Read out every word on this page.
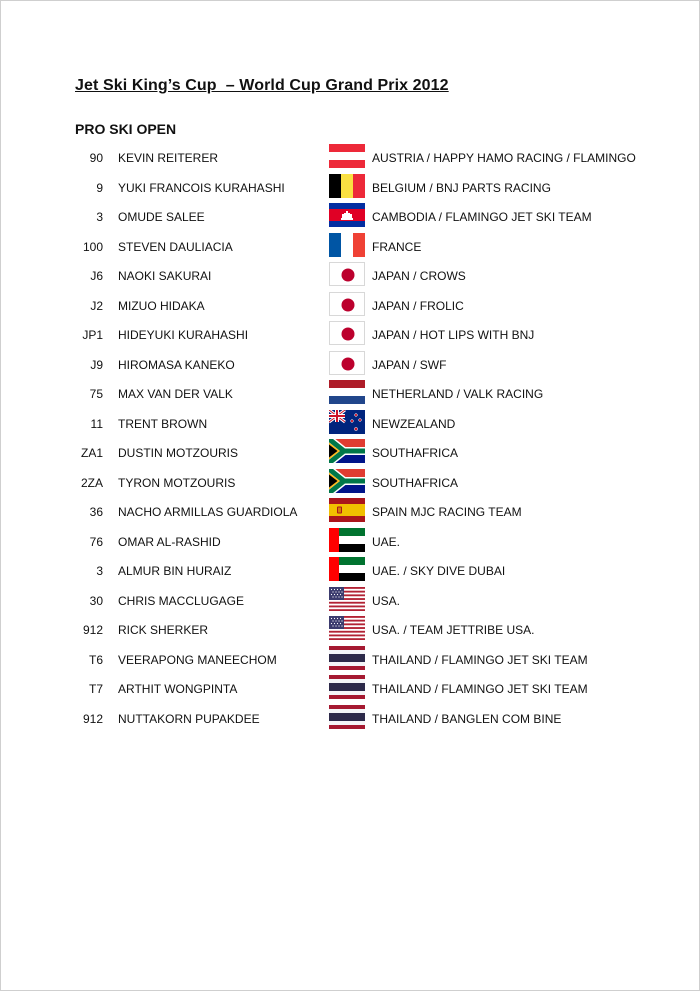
Jet Ski King’s Cup  – World Cup Grand Prix 2012
PRO SKI OPEN
90 KEVIN REITERER	AUSTRIA / HAPPY HAMO RACING / FLAMINGO
9 YUKI FRANCOIS KURAHASHI	BELGIUM / BNJ PARTS RACING
3 OMUDE SALEE	CAMBODIA / FLAMINGO JET SKI TEAM
100 STEVEN DAULIACIA	FRANCE
J6 NAOKI SAKURAI	JAPAN / CROWS
J2 MIZUO HIDAKA	JAPAN / FROLIC
JP1 HIDEYUKI KURAHASHI	JAPAN / HOT LIPS WITH BNJ
J9 HIROMASA KANEKO	JAPAN / SWF
75 MAX VAN DER VALK	NETHERLAND / VALK RACING
11 TRENT BROWN	NEWZEALAND
ZA1 DUSTIN MOTZOURIS	SOUTHAFRICA
2ZA TYRON MOTZOURIS	SOUTHAFRICA
36 NACHO ARMILLAS GUARDIOLA	SPAIN MJC RACING TEAM
76 OMAR AL-RASHID	UAE.
3 ALMUR BIN HURAIZ	UAE. / SKY DIVE DUBAI
30 CHRIS MACCLUGAGE	USA.
912 RICK SHERKER	USA. / TEAM JETTRIBE USA.
T6 VEERAPONG MANEECHOM	THAILAND / FLAMINGO JET SKI TEAM
T7 ARTHIT WONGPINTA	THAILAND / FLAMINGO JET SKI TEAM
912 NUTTAKORN PUPAKDEE	THAILAND / BANGLEN COM BINE
